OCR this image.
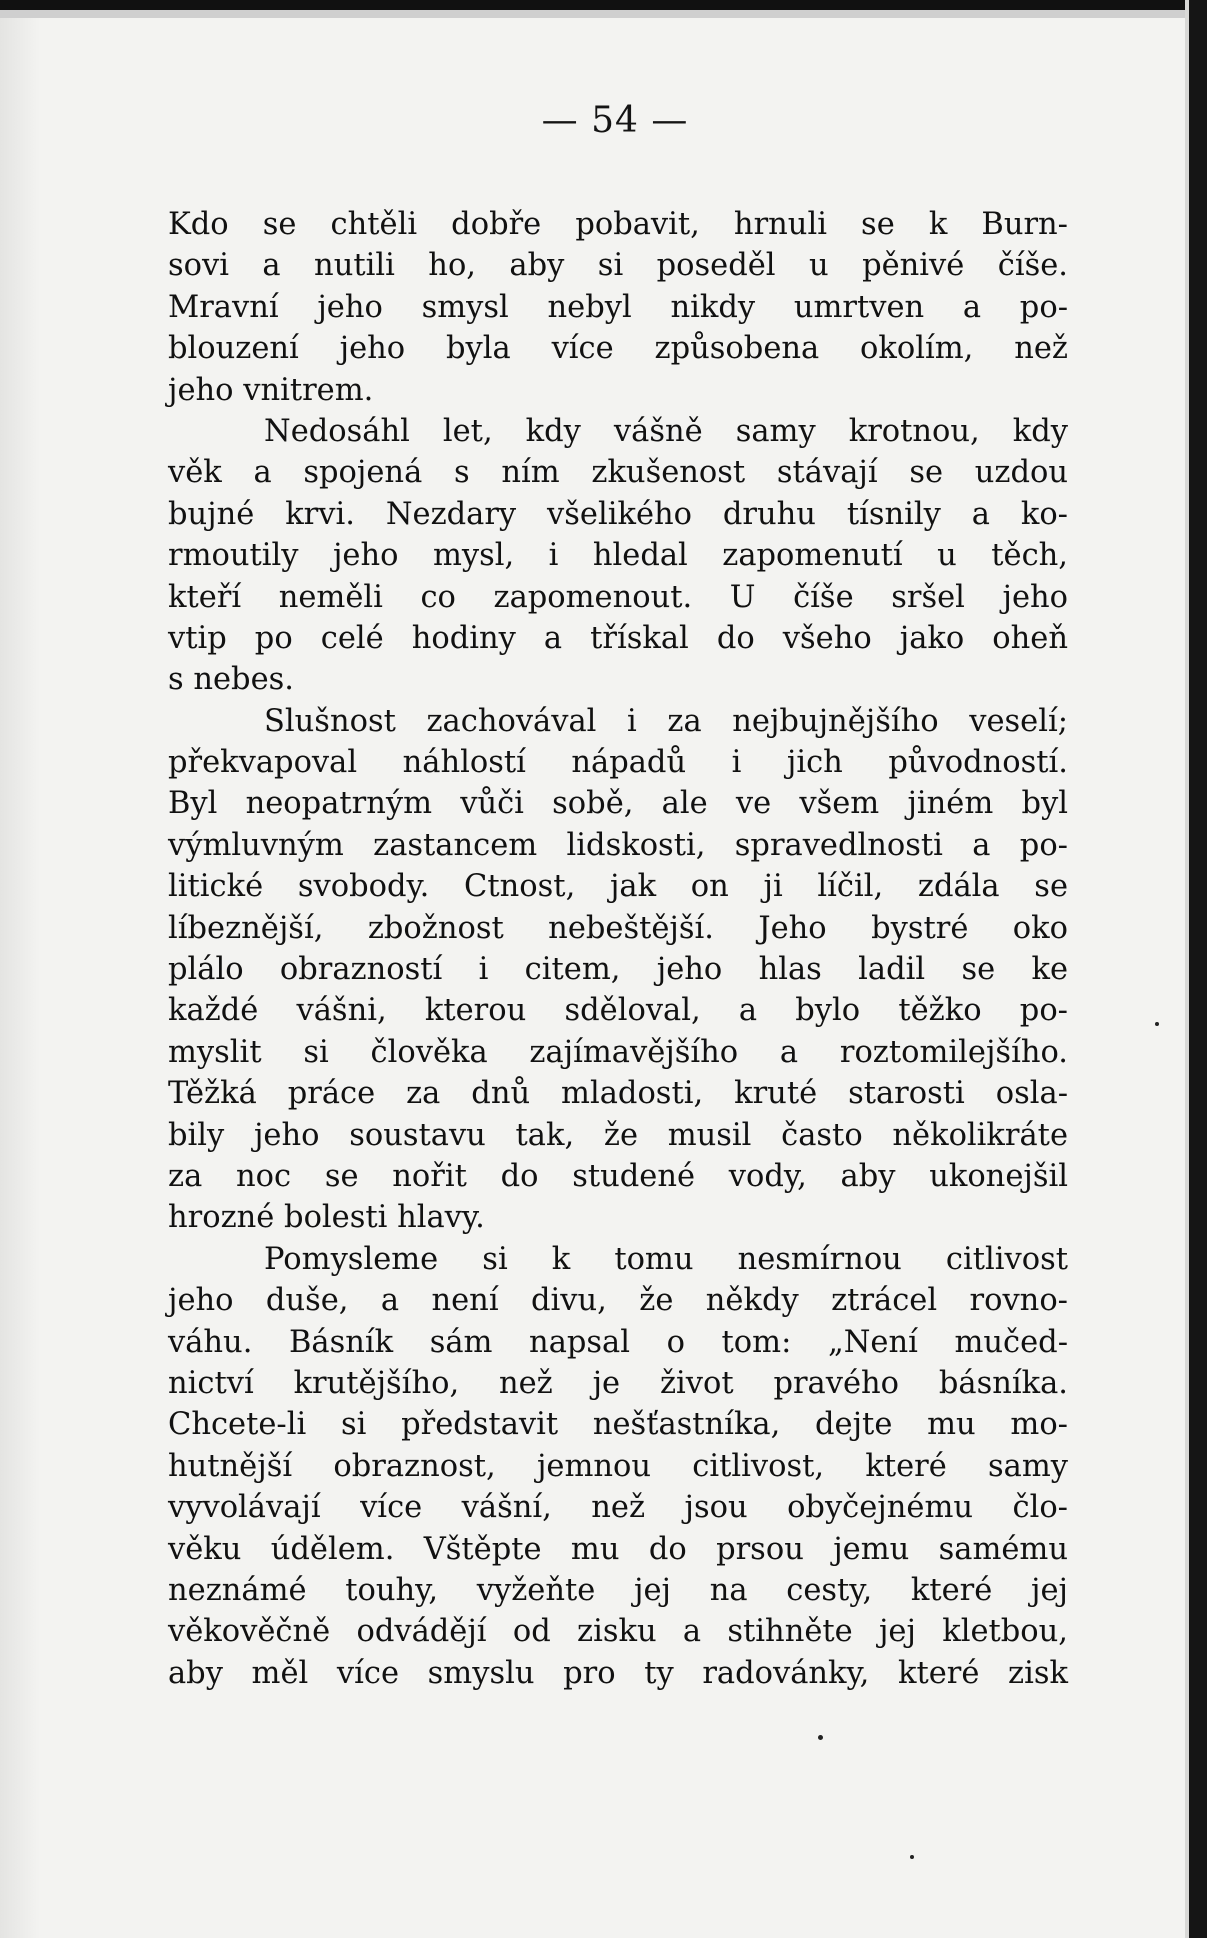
— 54 —
Kdo se chtěli dobře pobavit, hrnuli se k Burn-
sovi a nutili ho, aby si poseděl u pěnivé číše.
Mravní jeho smysl nebyl nikdy umrtven a po-
blouzení jeho byla více způsobena okolím, než
jeho vnitrem.
Nedosáhl let, kdy vášně samy krotnou, kdy
věk a spojená s ním zkušenost stávají se uzdou
bujné krvi. Nezdary všelikého druhu tísnily a ko-
rmoutily jeho mysl, i hledal zapomenutí u těch,
kteří neměli co zapomenout. U číše sršel jeho
vtip po celé hodiny a třískal do všeho jako oheň
s nebes.
Slušnost zachovával i za nejbujnějšího veselí;
překvapoval náhlostí nápadů i jich původností.
Byl neopatrným vůči sobě, ale ve všem jiném byl
výmluvným zastancem lidskosti, spravedlnosti a po-
litické svobody. Ctnost, jak on ji líčil, zdála se
líbeznější, zbožnost nebeštější. Jeho bystré oko
plálo obrazností i citem, jeho hlas ladil se ke
každé vášni, kterou sděloval, a bylo těžko po-
myslit si člověka zajímavějšího a roztomilejšího.
Těžká práce za dnů mladosti, kruté starosti osla-
bily jeho soustavu tak, že musil často několikráte
za noc se nořit do studené vody, aby ukonejšil
hrozné bolesti hlavy.
Pomysleme si k tomu nesmírnou citlivost
jeho duše, a není divu, že někdy ztrácel rovno-
váhu. Básník sám napsal o tom: „Není mučed-
nictví krutějšího, než je život pravého básníka.
Chcete-li si představit nešťastníka, dejte mu mo-
hutnější obraznost, jemnou citlivost, které samy
vyvolávají více vášní, než jsou obyčejnému člo-
věku údělem. Vštěpte mu do prsou jemu samému
neznámé touhy, vyžeňte jej na cesty, které jej
věkověčně odvádějí od zisku a stihněte jej kletbou,
aby měl více smyslu pro ty radovánky, které zisk
